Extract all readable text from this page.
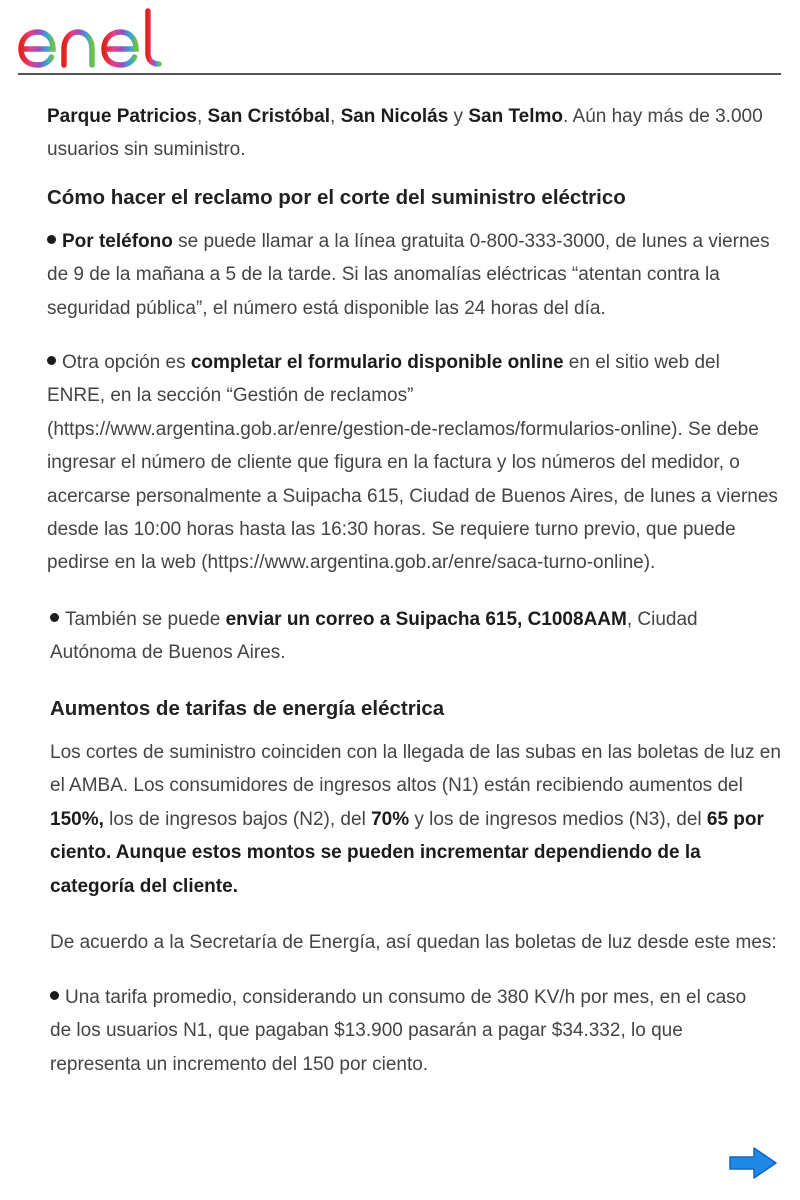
Parque Patricios, San Cristóbal, San Nicolás y San Telmo. Aún hay más de 3.000 usuarios sin suministro.

Cómo hacer el reclamo por el corte del suministro eléctrico

Por teléfono se puede llamar a la línea gratuita 0-800-333-3000, de lunes a viernes de 9 de la mañana a 5 de la tarde. Si las anomalías eléctricas “atentan contra la seguridad pública”, el número está disponible las 24 horas del día.

Otra opción es completar el formulario disponible online en el sitio web del ENRE, en la sección “Gestión de reclamos” (https://www.argentina.gob.ar/enre/gestion-de-reclamos/formularios-online). Se debe ingresar el número de cliente que figura en la factura y los números del medidor, o acercarse personalmente a Suipacha 615, Ciudad de Buenos Aires, de lunes a viernes desde las 10:00 horas hasta las 16:30 horas. Se requiere turno previo, que puede pedirse en la web (https://www.argentina.gob.ar/enre/saca-turno-online).

También se puede enviar un correo a Suipacha 615, C1008AAM, Ciudad Autónoma de Buenos Aires.

Aumentos de tarifas de energía eléctrica

Los cortes de suministro coinciden con la llegada de las subas en las boletas de luz en el AMBA. Los consumidores de ingresos altos (N1) están recibiendo aumentos del 150%, los de ingresos bajos (N2), del 70% y los de ingresos medios (N3), del 65 por ciento. Aunque estos montos se pueden incrementar dependiendo de la categoría del cliente.

De acuerdo a la Secretaría de Energía, así quedan las boletas de luz desde este mes:

Una tarifa promedio, considerando un consumo de 380 KV/h por mes, en el caso de los usuarios N1, que pagaban $13.900 pasarán a pagar $34.332, lo que representa un incremento del 150 por ciento.
